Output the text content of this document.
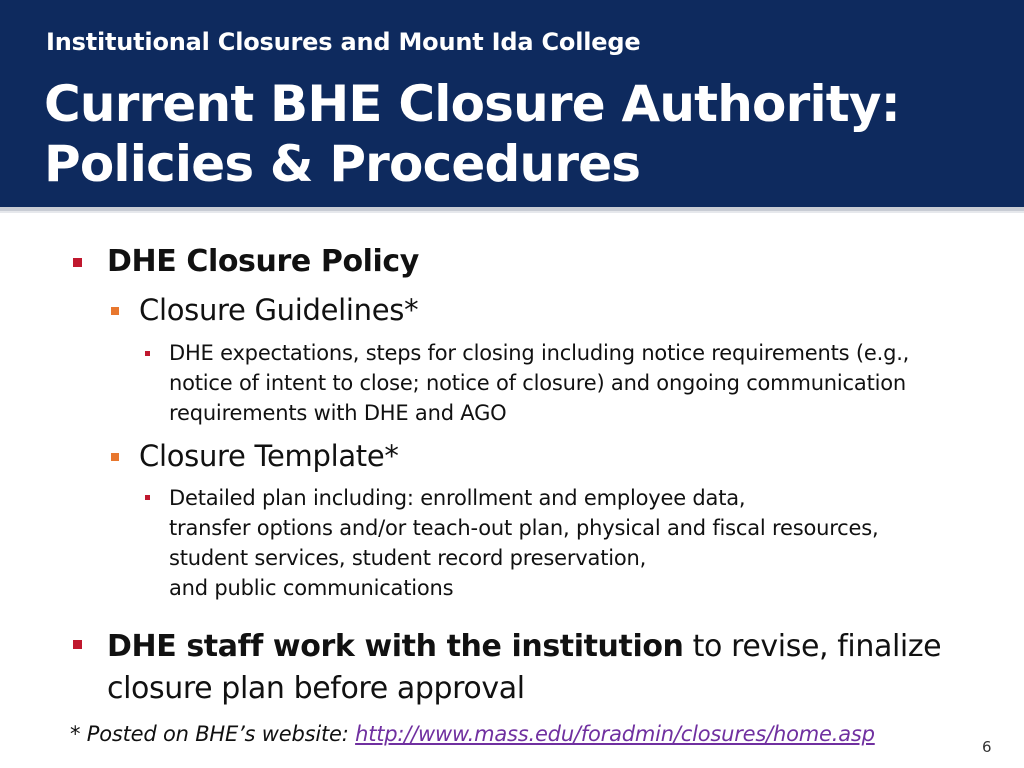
Institutional Closures and Mount Ida College
Current BHE Closure Authority:
Policies & Procedures
DHE Closure Policy
Closure Guidelines*
DHE expectations, steps for closing including notice requirements (e.g.,
notice of intent to close; notice of closure) and ongoing communication
requirements with DHE and AGO
Closure Template*
Detailed plan including: enrollment and employee data,
transfer options and/or teach-out plan, physical and fiscal resources,
student services, student record preservation,
and public communications
DHE staff work with the institution to revise, finalize
closure plan before approval
* Posted on BHE’s website: http://www.mass.edu/foradmin/closures/home.asp
6
